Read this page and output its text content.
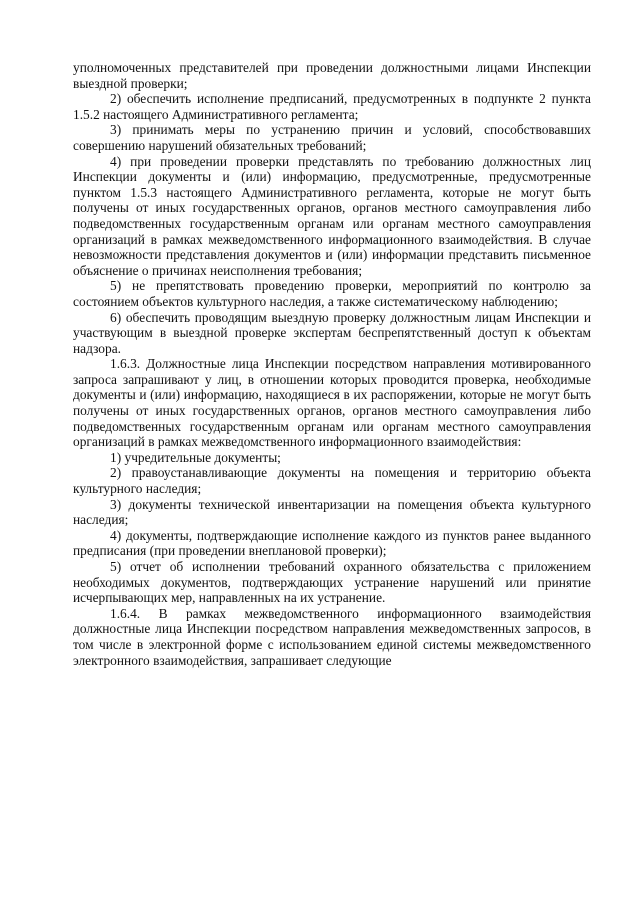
уполномоченных представителей при проведении должностными лицами Инспекции выездной проверки;

2) обеспечить исполнение предписаний, предусмотренных в подпункте 2 пункта 1.5.2 настоящего Административного регламента;

3) принимать меры по устранению причин и условий, способствовавших совершению нарушений обязательных требований;

4) при проведении проверки представлять по требованию должностных лиц Инспекции документы и (или) информацию, предусмотренные, предусмотренные пунктом 1.5.3 настоящего Административного регламента, которые не могут быть получены от иных государственных органов, органов местного самоуправления либо подведомственных государственным органам или органам местного самоуправления организаций в рамках межведомственного информационного взаимодействия. В случае невозможности представления документов и (или) информации представить письменное объяснение о причинах неисполнения требования;

5) не препятствовать проведению проверки, мероприятий по контролю за состоянием объектов культурного наследия, а также систематическому наблюдению;

6) обеспечить проводящим выездную проверку должностным лицам Инспекции и участвующим в выездной проверке экспертам беспрепятственный доступ к объектам надзора.

1.6.3. Должностные лица Инспекции посредством направления мотивированного запроса запрашивают у лиц, в отношении которых проводится проверка, необходимые документы и (или) информацию, находящиеся в их распоряжении, которые не могут быть получены от иных государственных органов, органов местного самоуправления либо подведомственных государственным органам или органам местного самоуправления организаций в рамках межведомственного информационного взаимодействия:

1) учредительные документы;

2) правоустанавливающие документы на помещения и территорию объекта культурного наследия;

3) документы технической инвентаризации на помещения объекта культурного наследия;

4) документы, подтверждающие исполнение каждого из пунктов ранее выданного предписания (при проведении внеплановой проверки);

5) отчет об исполнении требований охранного обязательства с приложением необходимых документов, подтверждающих устранение нарушений или принятие исчерпывающих мер, направленных на их устранение.

1.6.4. В рамках межведомственного информационного взаимодействия должностные лица Инспекции посредством направления межведомственных запросов, в том числе в электронной форме с использованием единой системы межведомственного электронного взаимодействия, запрашивает следующие
